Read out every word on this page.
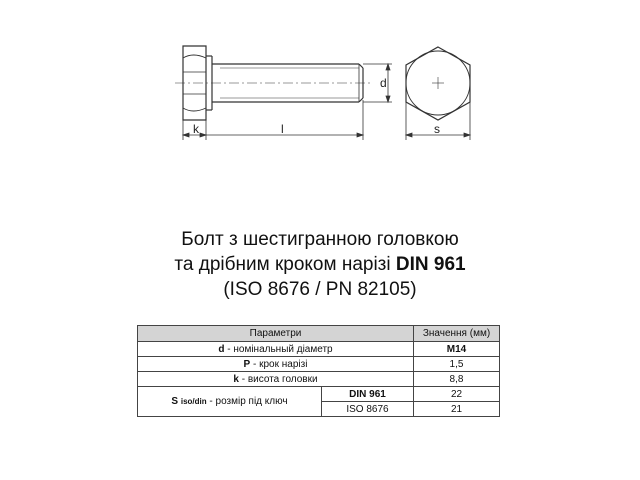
k	l
d
s
Болт з шестигранною головкою
та дрібним кроком нарізі DIN 961
(ISO 8676 / PN 82105)
Параметри		Значення (мм)
d - номінальный діаметр		M14
P - крок нарізі		1,5
k - висота головки		8,8
S iso/din - розмір під ключ	DIN 961	22
	ISO 8676	21
